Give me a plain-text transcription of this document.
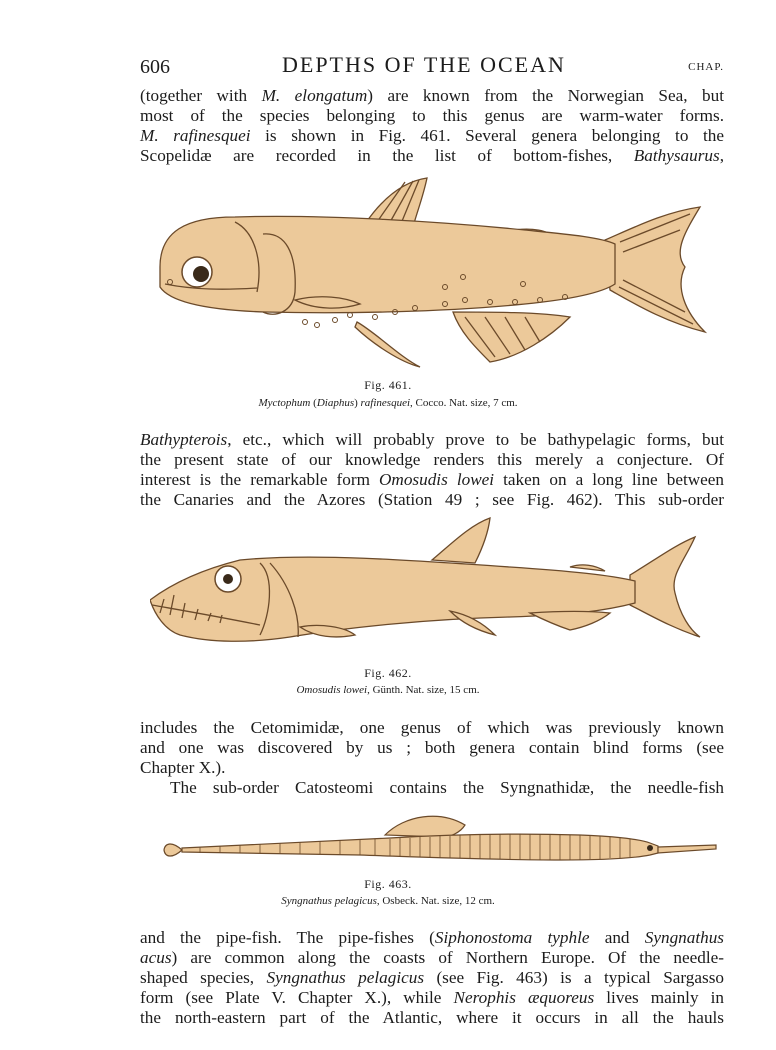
606	DEPTHS OF THE OCEAN	CHAP.
(together with M. elongatum) are known from the Norwegian Sea, but
most of the species belonging to this genus are warm-water forms.
M. rafinesquei is shown in Fig. 461. Several genera belonging to the
Scopelidæ are recorded in the list of bottom-fishes, Bathysaurus,
Fig. 461.
Myctophum (Diaphus) rafinesquei, Cocco. Nat. size, 7 cm.
Bathypterois, etc., which will probably prove to be bathypelagic forms, but
the present state of our knowledge renders this merely a conjecture. Of
interest is the remarkable form Omosudis lowei taken on a long line between
the Canaries and the Azores (Station 49 ; see Fig. 462). This sub-order
Fig. 462.
Omosudis lowei, Günth. Nat. size, 15 cm.
includes the Cetomimidæ, one genus of which was previously known
and one was discovered by us ; both genera contain blind forms (see
Chapter X.).
The sub-order Catosteomi contains the Syngnathidæ, the needle-fish
Fig. 463.
Syngnathus pelagicus, Osbeck. Nat. size, 12 cm.
and the pipe-fish. The pipe-fishes (Siphonostoma typhle and Syngnathus
acus) are common along the coasts of Northern Europe. Of the needle-
shaped species, Syngnathus pelagicus (see Fig. 463) is a typical Sargasso
form (see Plate V. Chapter X.), while Nerophis æquoreus lives mainly in
the north-eastern part of the Atlantic, where it occurs in all the hauls
